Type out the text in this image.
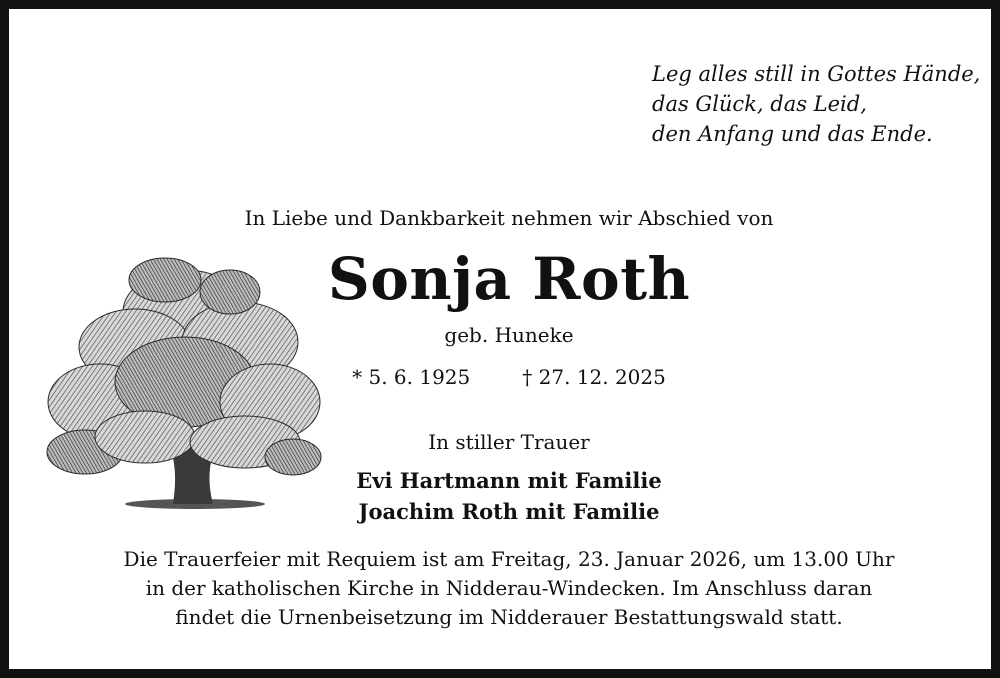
Leg alles still in Gottes Hände,
das Glück, das Leid,
den Anfang und das Ende.
In Liebe und Dankbarkeit nehmen wir Abschied von
Sonja Roth
geb. Huneke
* 5. 6. 1925	† 27. 12. 2025
In stiller Trauer
Evi Hartmann mit Familie
Joachim Roth mit Familie
Die Trauerfeier mit Requiem ist am Freitag, 23. Januar 2026, um 13.00 Uhr
in der katholischen Kirche in Nidderau-Windecken. Im Anschluss daran
findet die Urnenbeisetzung im Nidderauer Bestattungswald statt.
